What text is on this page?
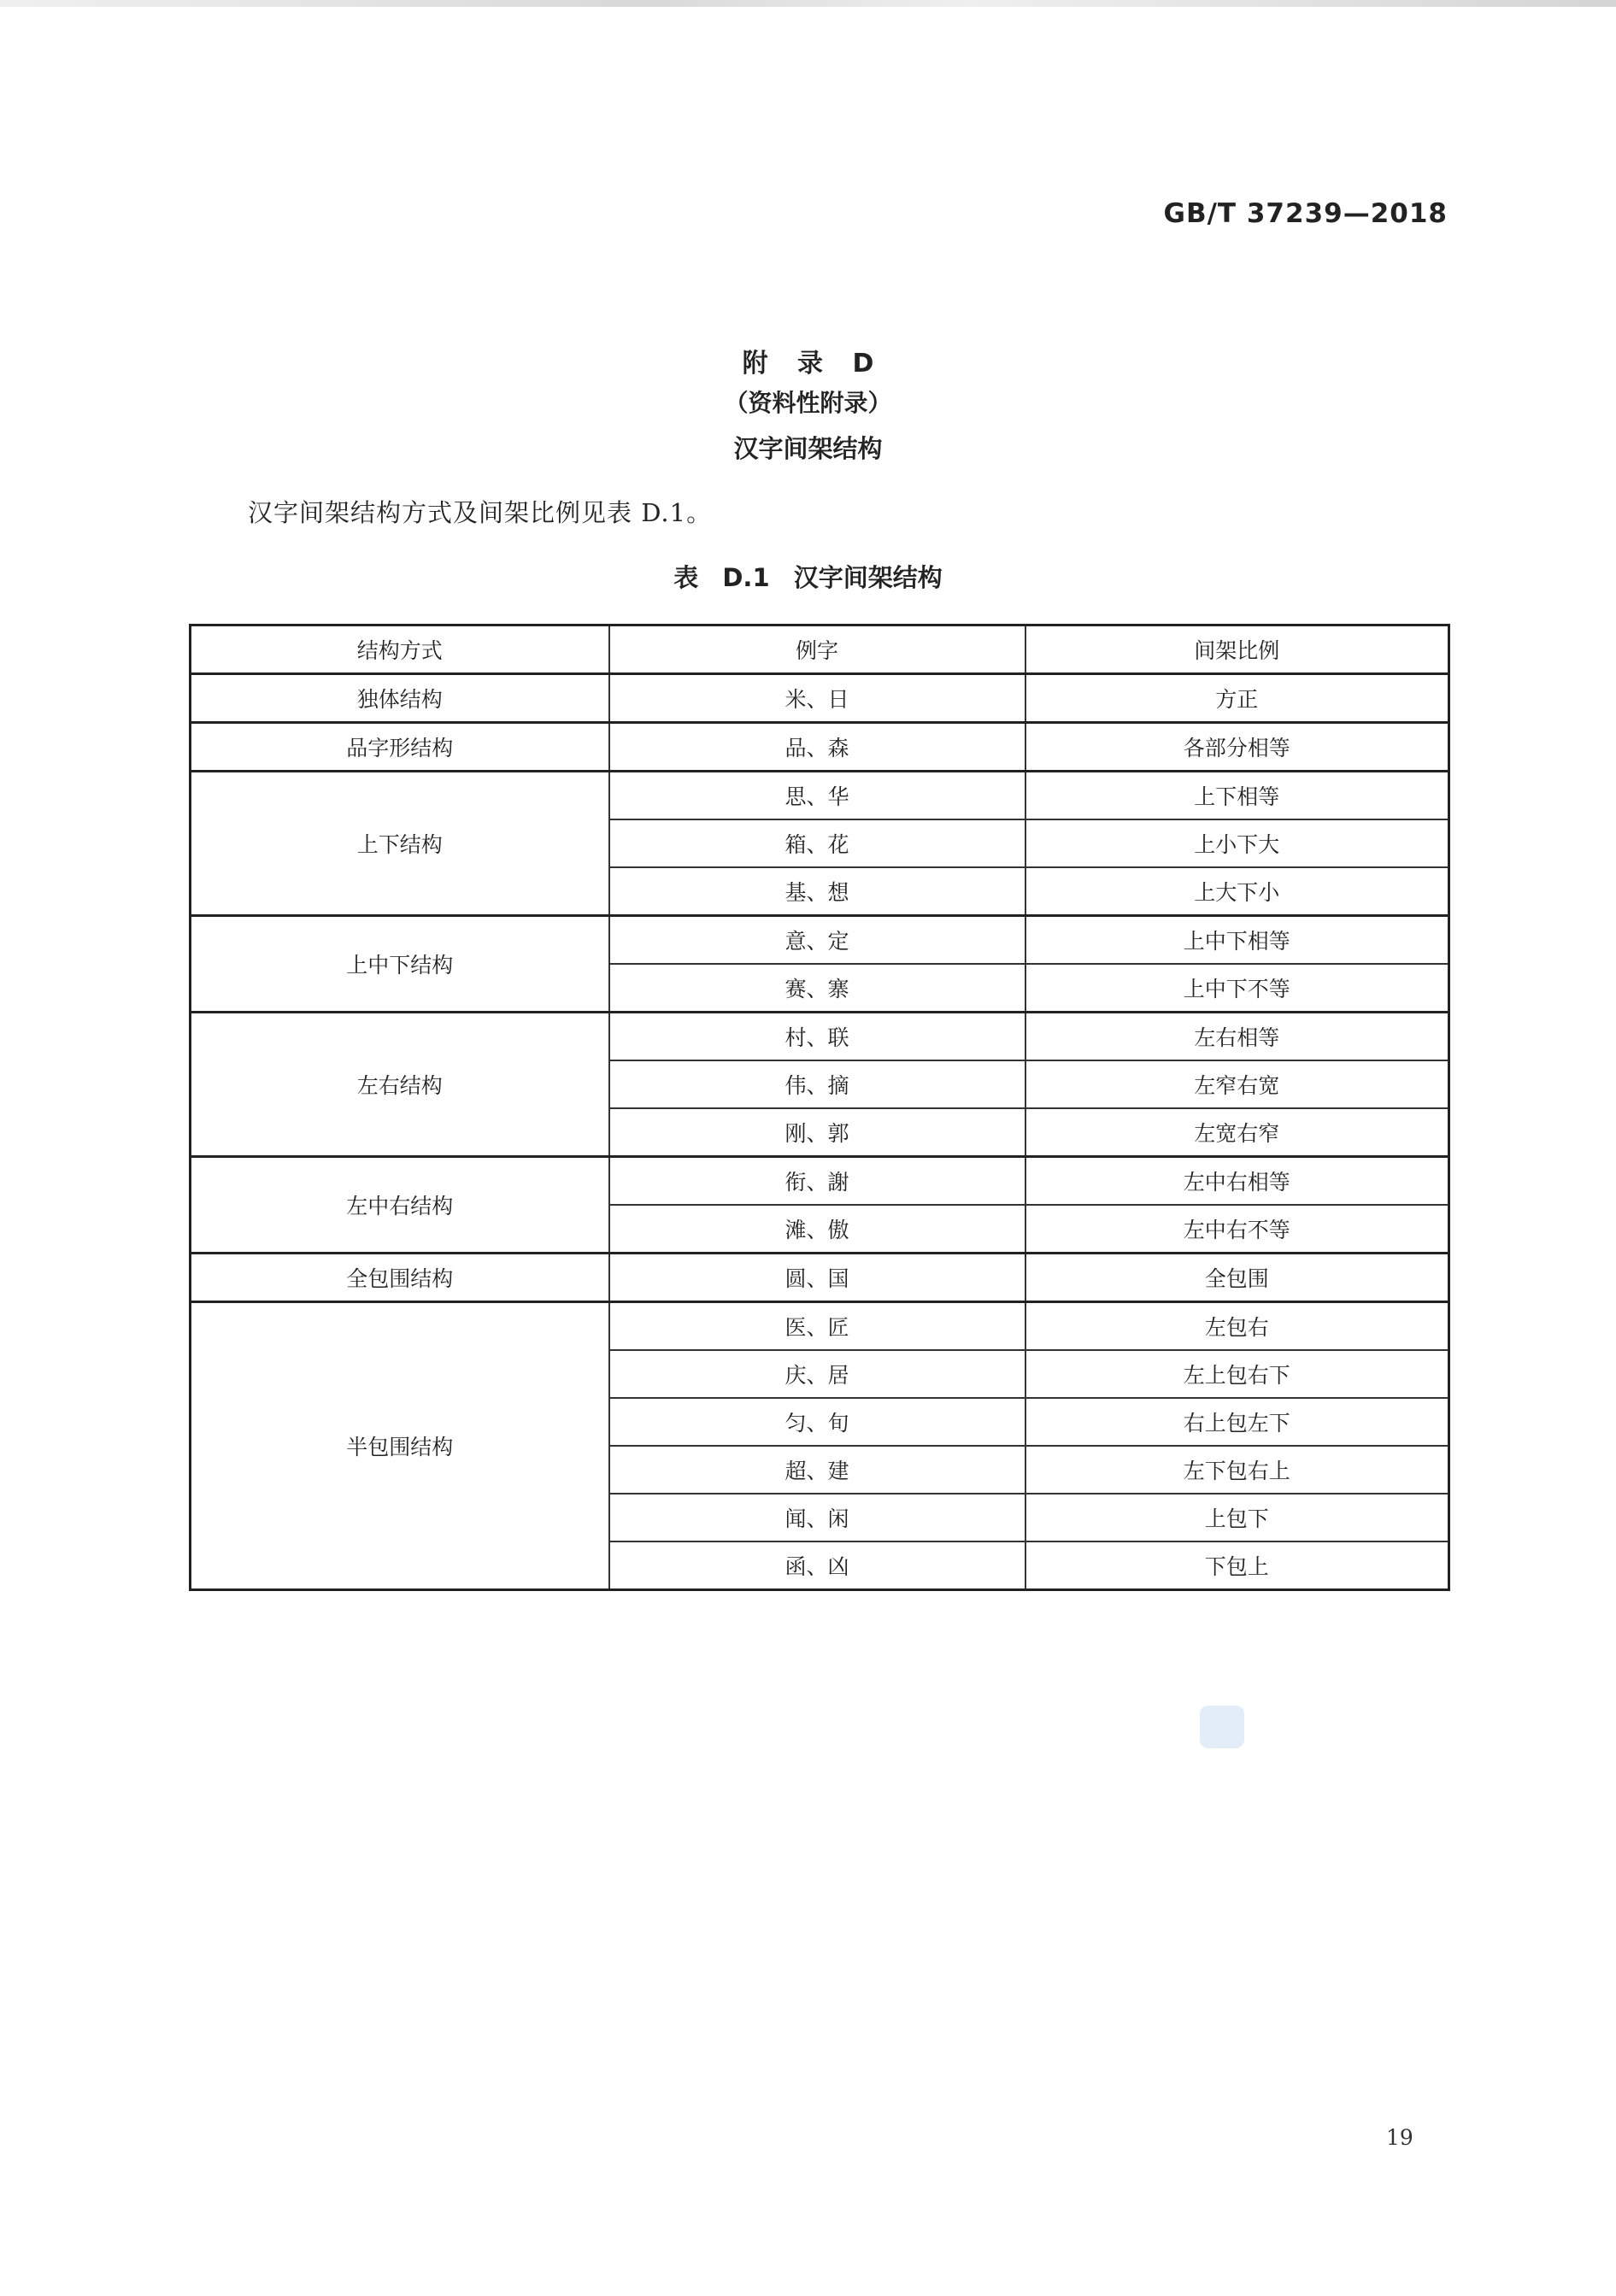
GB/T 37239—2018
附 录 D
（资料性附录）
汉字间架结构
汉字间架结构方式及间架比例见表 D.1。
表 D.1 汉字间架结构
结构方式	例字	间架比例
独体结构	米、日	方正
品字形结构	品、森	各部分相等
上下结构	思、华	上下相等
	箱、花	上小下大
	基、想	上大下小
上中下结构	意、定	上中下相等
	赛、寨	上中下不等
左右结构	村、联	左右相等
	伟、摘	左窄右宽
	刚、郭	左宽右窄
左中右结构	衔、謝	左中右相等
	滩、傲	左中右不等
全包围结构	圆、国	全包围
半包围结构	医、匠	左包右
	庆、居	左上包右下
	匀、旬	右上包左下
	超、建	左下包右上
	闻、闲	上包下
	函、凶	下包上
19
